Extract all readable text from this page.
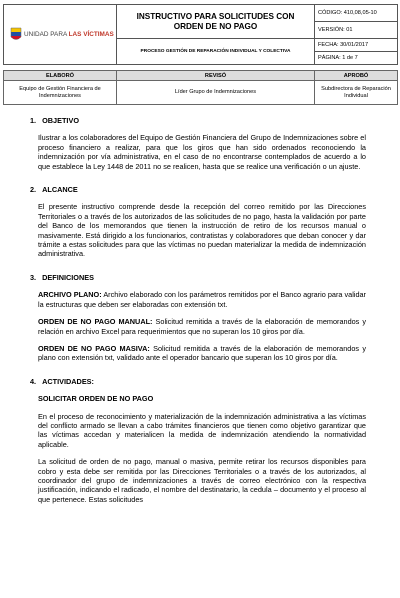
UNIDAD PARA LAS VÍCTIMAS	INSTRUCTIVO PARA SOLICITUDES CON ORDEN DE NO PAGO	CÓDIGO: 410,08,05-10
		VERSIÓN: 01
	PROCESO GESTIÓN DE REPARACIÓN INDIVIDUAL Y COLECTIVA	FECHA: 30/01/2017
		PÁGINA: 1 de 7
ELABORÓ	REVISÓ	APROBÓ
Equipo de Gestión Financiera de Indemnizaciones	Líder Grupo de Indemnizaciones	Subdirectora de Reparación Individual
1. OBJETIVO

Ilustrar a los colaboradores del Equipo de Gestión Financiera del Grupo de Indemnizaciones sobre el proceso financiero a realizar, para que los giros que han sido ordenados reconociendo la indemnización por vía administrativa, en el caso de no encontrarse contemplados de acuerdo a lo que establece la Ley 1448 de 2011 no se realicen, hasta que se realice una verificación o un ajuste.

2. ALCANCE

El presente instructivo comprende desde la recepción del correo remitido por las Direcciones Territoriales o a través de los autorizados de las solicitudes de no pago, hasta la validación por parte del Banco de los memorandos que tienen la instrucción de retiro de los recursos manual o masivamente. Está dirigido a los funcionarios, contratistas y colaboradores que deban conocer y dar trámite a estas solicitudes para que las víctimas no puedan materializar la medida de indemnización administrativa.

3. DEFINICIONES

ARCHIVO PLANO: Archivo elaborado con los parámetros remitidos por el Banco agrario para validar la estructuras que deben ser elaboradas con extensión txt.

ORDEN DE NO PAGO MANUAL: Solicitud remitida a través de la elaboración de memorandos y relación en archivo Excel para requerimientos que no superan los 10 giros por día.

ORDEN DE NO PAGO MASIVA: Solicitud remitida a través de la elaboración de memorandos y plano con extensión txt, validado ante el operador bancario que superan los 10 giros por día.

4. ACTIVIDADES:
SOLICITAR ORDEN DE NO PAGO

En el proceso de reconocimiento y materialización de la indemnización administrativa a las víctimas del conflicto armado se llevan a cabo trámites financieros que tienen como objetivo garantizar que las víctimas accedan y materialicen la medida de indemnización atendiendo la normatividad aplicable.

La solicitud de orden de no pago, manual o masiva, permite retirar los recursos disponibles para cobro y esta debe ser remitida por las Direcciones Territoriales o a través de los autorizados, al coordinador del grupo de indemnizaciones a través de correo electrónico con la respectiva justificación, indicando el radicado, el nombre del destinatario, la cedula – documento y el proceso al que pertenece. Estas solicitudes
